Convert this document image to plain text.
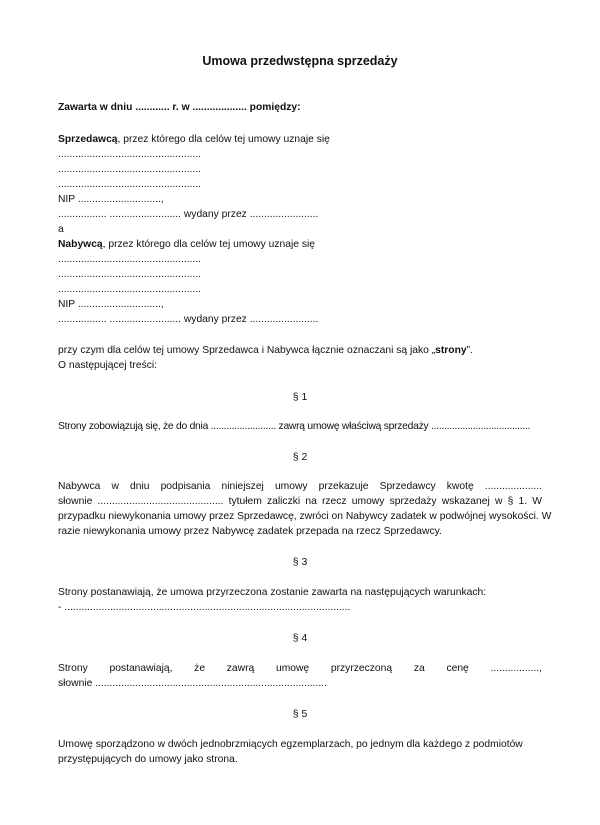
Umowa przedwstępna sprzedaży
Zawarta w dniu ............ r. w ................... pomiędzy:
Sprzedawcą, przez którego dla celów tej umowy uznaje się
..................................................
..................................................
..................................................
NIP .............................,
................. ......................... wydany przez ........................
a
Nabywcą, przez którego dla celów tej umowy uznaje się
..................................................
..................................................
..................................................
NIP .............................,
................. ......................... wydany przez ........................
przy czym dla celów tej umowy Sprzedawca i Nabywca łącznie oznaczani są jako „strony”.
O następującej treści:
§ 1
Strony zobowiązują się, że do dnia ......................... zawrą umowę właściwą sprzedaży ......................................
§ 2
Nabywca w dniu podpisania niniejszej umowy przekazuje Sprzedawcy kwotę ....................
słownie ............................................ tytułem zaliczki na rzecz umowy sprzedaży wskazanej w § 1. W
przypadku niewykonania umowy przez Sprzedawcę, zwróci on Nabywcy zadatek w podwójnej wysokości. W
razie niewykonania umowy przez Nabywcę zadatek przepada na rzecz Sprzedawcy.
§ 3
Strony postanawiają, że umowa przyrzeczona zostanie zawarta na następujących warunkach:
- ....................................................................................................
§ 4
Strony postanawiają, że zawrą umowę przyrzeczoną za cenę .................,
słownie .................................................................................
§ 5
Umowę sporządzono w dwóch jednobrzmiących egzemplarzach, po jednym dla każdego z podmiotów
przystępujących do umowy jako strona.
